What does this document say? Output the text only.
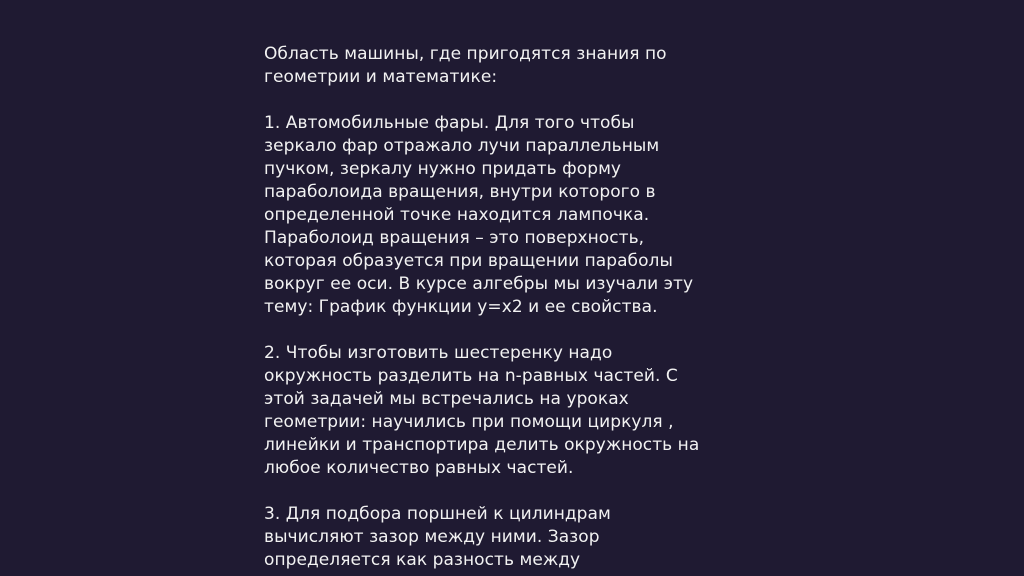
Область машины, где пригодятся знания по
геометрии и математике:

1. Автомобильные фары. Для того чтобы
зеркало фар отражало лучи параллельным
пучком, зеркалу нужно придать форму
параболоида вращения, внутри которого в
определенной точке находится лампочка.
Параболоид вращения – это поверхность,
которая образуется при вращении параболы
вокруг ее оси. В курсе алгебры мы изучали эту
тему: График функции у=х2 и ее свойства.

2. Чтобы изготовить шестеренку надо
окружность разделить на n-равных частей. С
этой задачей мы встречались на уроках
геометрии: научились при помощи циркуля ,
линейки и транспортира делить окружность на
любое количество равных частей.

3. Для подбора поршней к цилиндрам
вычисляют зазор между ними. Зазор
определяется как разность между
